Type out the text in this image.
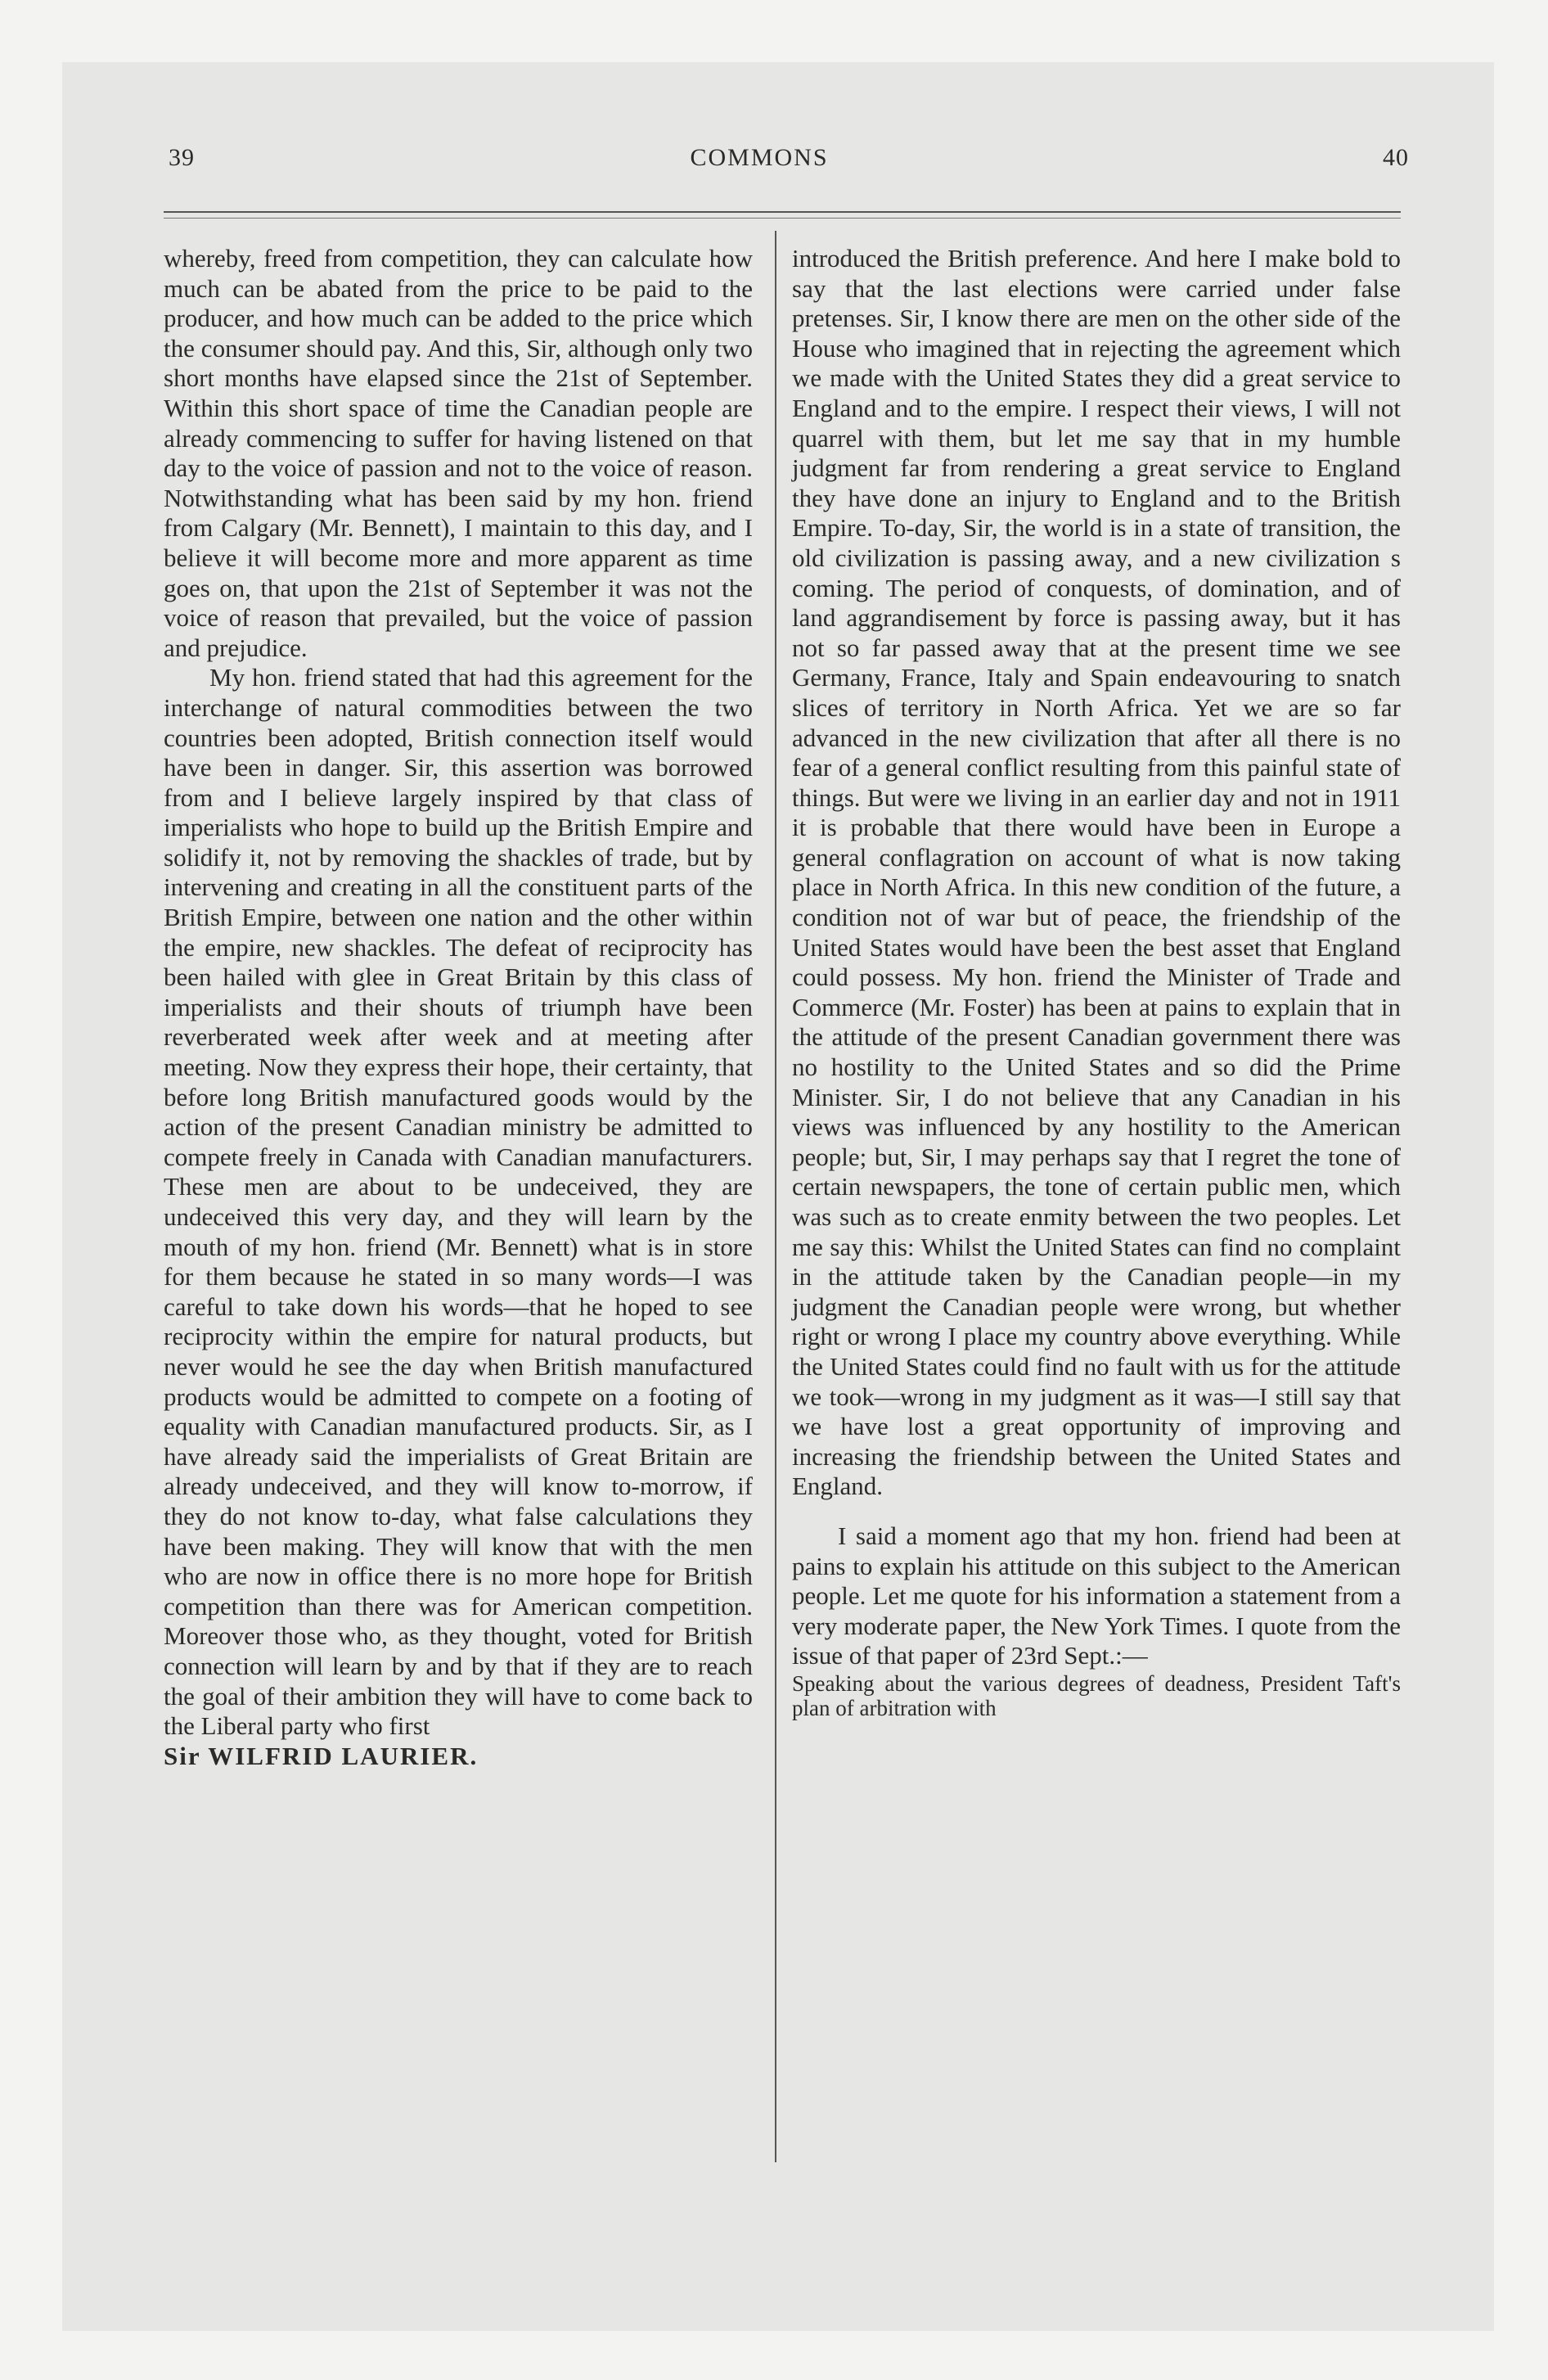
39	COMMONS	40

whereby, freed from competition, they can calculate how much can be abated from the price to be paid to the producer, and how much can be added to the price which the consumer should pay. And this, Sir, although only two short months have elapsed since the 21st of September. Within this short space of time the Canadian people are already commencing to suffer for having listened on that day to the voice of passion and not to the voice of reason. Notwithstanding what has been said by my hon. friend from Calgary (Mr. Bennett), I maintain to this day, and I believe it will become more and more apparent as time goes on, that upon the 21st of September it was not the voice of reason that prevailed, but the voice of passion and prejudice.

My hon. friend stated that had this agreement for the interchange of natural commodities between the two countries been adopted, British connection itself would have been in danger. Sir, this assertion was borrowed from and I believe largely inspired by that class of imperialists who hope to build up the British Empire and solidify it, not by removing the shackles of trade, but by intervening and creating in all the constituent parts of the British Empire, between one nation and the other within the empire, new shackles. The defeat of reciprocity has been hailed with glee in Great Britain by this class of imperialists and their shouts of triumph have been reverberated week after week and at meeting after meeting. Now they express their hope, their certainty, that before long British manufactured goods would by the action of the present Canadian ministry be admitted to compete freely in Canada with Canadian manufacturers. These men are about to be undeceived, they are undeceived this very day, and they will learn by the mouth of my hon. friend (Mr. Bennett) what is in store for them because he stated in so many words—I was careful to take down his words—that he hoped to see reciprocity within the empire for natural products, but never would he see the day when British manufactured products would be admitted to compete on a footing of equality with Canadian manufactured products. Sir, as I have already said the imperialists of Great Britain are already undeceived, and they will know to-morrow, if they do not know to-day, what false calculations they have been making. They will know that with the men who are now in office there is no more hope for British competition than there was for American competition. Moreover those who, as they thought, voted for British connection will learn by and by that if they are to reach the goal of their ambition they will have to come back to the Liberal party who first

Sir WILFRID LAURIER.

introduced the British preference. And here I make bold to say that the last elections were carried under false pretenses. Sir, I know there are men on the other side of the House who imagined that in rejecting the agreement which we made with the United States they did a great service to England and to the empire. I respect their views, I will not quarrel with them, but let me say that in my humble judgment far from rendering a great service to England they have done an injury to England and to the British Empire. To-day, Sir, the world is in a state of transition, the old civilization is passing away, and a new civilization s coming. The period of conquests, of domination, and of land aggrandisement by force is passing away, but it has not so far passed away that at the present time we see Germany, France, Italy and Spain endeavouring to snatch slices of territory in North Africa. Yet we are so far advanced in the new civilization that after all there is no fear of a general conflict resulting from this painful state of things. But were we living in an earlier day and not in 1911 it is probable that there would have been in Europe a general conflagration on account of what is now taking place in North Africa. In this new condition of the future, a condition not of war but of peace, the friendship of the United States would have been the best asset that England could possess. My hon. friend the Minister of Trade and Commerce (Mr. Foster) has been at pains to explain that in the attitude of the present Canadian government there was no hostility to the United States and so did the Prime Minister. Sir, I do not believe that any Canadian in his views was influenced by any hostility to the American people; but, Sir, I may perhaps say that I regret the tone of certain newspapers, the tone of certain public men, which was such as to create enmity between the two peoples. Let me say this: Whilst the United States can find no complaint in the attitude taken by the Canadian people—in my judgment the Canadian people were wrong, but whether right or wrong I place my country above everything. While the United States could find no fault with us for the attitude we took—wrong in my judgment as it was—I still say that we have lost a great opportunity of improving and increasing the friendship between the United States and England.

I said a moment ago that my hon. friend had been at pains to explain his attitude on this subject to the American people. Let me quote for his information a statement from a very moderate paper, the New York Times. I quote from the issue of that paper of 23rd Sept.:—

Speaking about the various degrees of deadness, President Taft's plan of arbitration with
